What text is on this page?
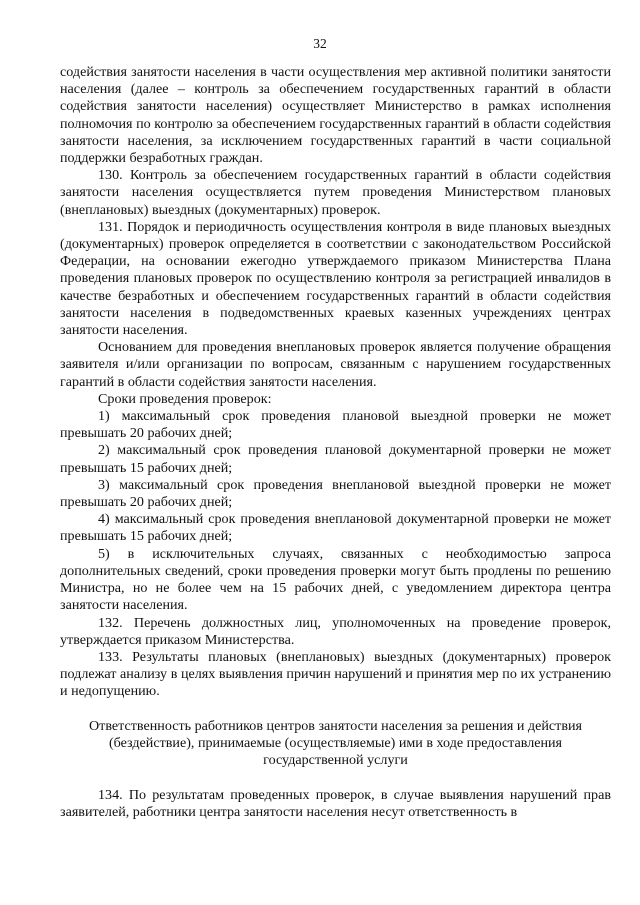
32

содействия занятости населения в части осуществления мер активной политики занятости населения (далее – контроль за обеспечением государственных гарантий в области содействия занятости населения) осуществляет Министерство в рамках исполнения полномочия по контролю за обеспечением государственных гарантий в области содействия занятости населения, за исключением государственных гарантий в части социальной поддержки безработных граждан.

130. Контроль за обеспечением государственных гарантий в области содействия занятости населения осуществляется путем проведения Министерством плановых (внеплановых) выездных (документарных) проверок.

131. Порядок и периодичность осуществления контроля в виде плановых выездных (документарных) проверок определяется в соответствии с законодательством Российской Федерации, на основании ежегодно утверждаемого приказом Министерства Плана проведения плановых проверок по осуществлению контроля за регистрацией инвалидов в качестве безработных и обеспечением государственных гарантий в области содействия занятости населения в подведомственных краевых казенных учреждениях центрах занятости населения.

Основанием для проведения внеплановых проверок является получение обращения заявителя и/или организации по вопросам, связанным с нарушением государственных гарантий в области содействия занятости населения.

Сроки проведения проверок:

1) максимальный срок проведения плановой выездной проверки не может превышать 20 рабочих дней;

2) максимальный срок проведения плановой документарной проверки не может превышать 15 рабочих дней;

3) максимальный срок проведения внеплановой выездной проверки не может превышать 20 рабочих дней;

4) максимальный срок проведения внеплановой документарной проверки не может превышать 15 рабочих дней;

5) в исключительных случаях, связанных с необходимостью запроса дополнительных сведений, сроки проведения проверки могут быть продлены по решению Министра, но не более чем на 15 рабочих дней, с уведомлением директора центра занятости населения.

132. Перечень должностных лиц, уполномоченных на проведение проверок, утверждается приказом Министерства.

133. Результаты плановых (внеплановых) выездных (документарных) проверок подлежат анализу в целях выявления причин нарушений и принятия мер по их устранению и недопущению.

Ответственность работников центров занятости населения за решения и действия (бездействие), принимаемые (осуществляемые) ими в ходе предоставления государственной услуги

134. По результатам проведенных проверок, в случае выявления нарушений прав заявителей, работники центра занятости населения несут ответственность в
